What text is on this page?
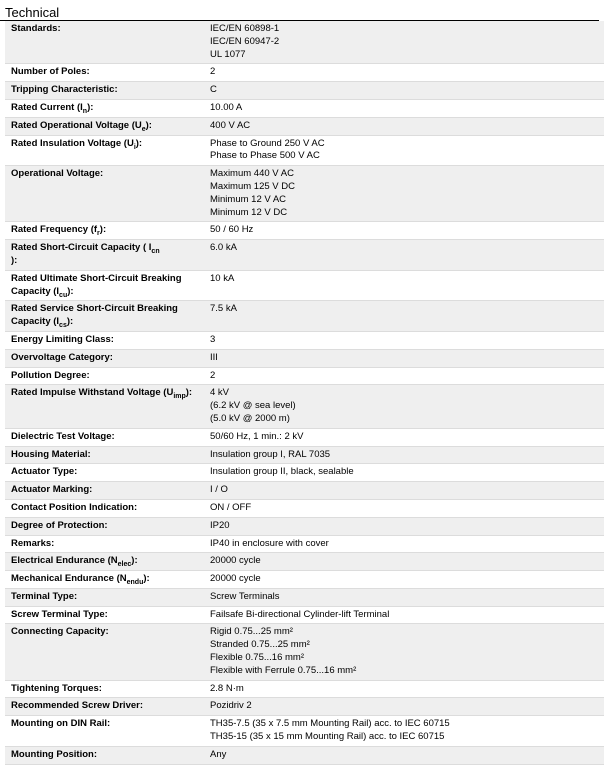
Technical
Standards:	IEC/EN 60898-1
IEC/EN 60947-2
UL 1077

Number of Poles:	2

Tripping Characteristic:	C

Rated Current $(I_n)$:	10.00 A

Rated Operational Voltage $(U_e)$:	400 V AC

Rated Insulation Voltage $(U_i)$:	Phase to Ground 250 V AC
Phase to Phase 500 V AC

Operational Voltage:	Maximum 440 V AC
Maximum 125 V DC
Minimum 12 V AC
Minimum 12 V DC

Rated Frequency $(f_r)$:	50 / 60 Hz

Rated Short-Circuit Capacity ( $I_{cn}$
):	6.0 kA

Rated Ultimate Short-Circuit Breaking
Capacity $(I_{cu})$:	10 kA

Rated Service Short-Circuit Breaking
Capacity $(I_{cs})$:	7.5 kA

Energy Limiting Class:	3

Overvoltage Category:	III

Pollution Degree:	2

Rated Impulse Withstand Voltage $(U_{imp})$:	4 kV
(6.2 kV @ sea level)
(5.0 kV @ 2000 m)

Dielectric Test Voltage:	50/60 Hz, 1 min.: 2 kV

Housing Material:	Insulation group I, RAL 7035

Actuator Type:	Insulation group II, black, sealable

Actuator Marking:	I / O

Contact Position Indication:	ON / OFF

Degree of Protection:	IP20

Remarks:	IP40 in enclosure with cover

Electrical Endurance $(N_{elec})$:	20000 cycle

Mechanical Endurance $(N_{endu})$:	20000 cycle

Terminal Type:	Screw Terminals

Screw Terminal Type:	Failsafe Bi-directional Cylinder-lift Terminal

Connecting Capacity:	Rigid 0.75...25 mm²
Stranded 0.75...25 mm²
Flexible 0.75...16 mm²
Flexible with Ferrule 0.75...16 mm²

Tightening Torques:	2.8 N·m

Recommended Screw Driver:	Pozidriv 2

Mounting on DIN Rail:	TH35-7.5 (35 x 7.5 mm Mounting Rail) acc. to IEC 60715
TH35-15 (35 x 15 mm Mounting Rail) acc. to IEC 60715

Mounting Position:	Any
